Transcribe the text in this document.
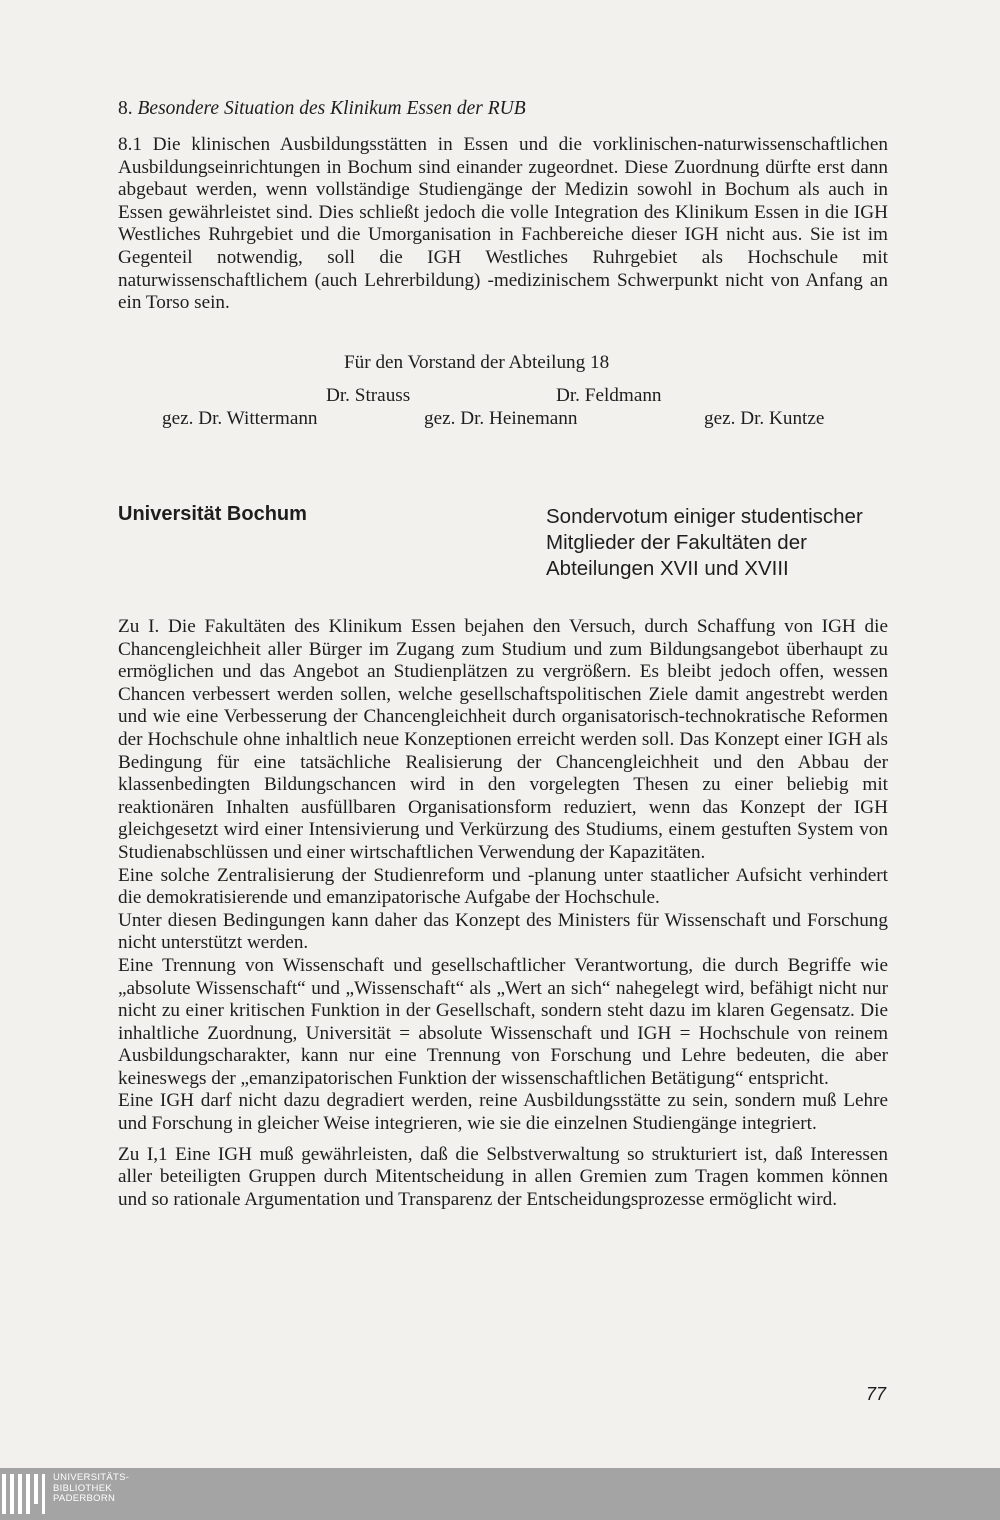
8. Besondere Situation des Klinikum Essen der RUB

8.1 Die klinischen Ausbildungsstätten in Essen und die vorklinischen-naturwissenschaftlichen Ausbildungseinrichtungen in Bochum sind einander zugeordnet. Diese Zuordnung dürfte erst dann abgebaut werden, wenn vollständige Studiengänge der Medizin sowohl in Bochum als auch in Essen gewährleistet sind. Dies schließt jedoch die volle Integration des Klinikum Essen in die IGH Westliches Ruhrgebiet und die Umorganisation in Fachbereiche dieser IGH nicht aus. Sie ist im Gegenteil notwendig, soll die IGH Westliches Ruhrgebiet als Hochschule mit naturwissenschaftlichem (auch Lehrerbildung) -medizinischem Schwerpunkt nicht von Anfang an ein Torso sein.

Für den Vorstand der Abteilung 18

Dr. Strauss	Dr. Feldmann

gez. Dr. Wittermann	gez. Dr. Heinemann	gez. Dr. Kuntze

Universität Bochum	Sondervotum einiger studentischer Mitglieder der Fakultäten der Abteilungen XVII und XVIII

Zu I. Die Fakultäten des Klinikum Essen bejahen den Versuch, durch Schaffung von IGH die Chancengleichheit aller Bürger im Zugang zum Studium und zum Bildungsangebot überhaupt zu ermöglichen und das Angebot an Studienplätzen zu vergrößern. Es bleibt jedoch offen, wessen Chancen verbessert werden sollen, welche gesellschaftspolitischen Ziele damit angestrebt werden und wie eine Verbesserung der Chancengleichheit durch organisatorisch-technokratische Reformen der Hochschule ohne inhaltlich neue Konzeptionen erreicht werden soll. Das Konzept einer IGH als Bedingung für eine tatsächliche Realisierung der Chancengleichheit und den Abbau der klassenbedingten Bildungschancen wird in den vorgelegten Thesen zu einer beliebig mit reaktionären Inhalten ausfüllbaren Organisationsform reduziert, wenn das Konzept der IGH gleichgesetzt wird einer Intensivierung und Verkürzung des Studiums, einem gestuften System von Studienabschlüssen und einer wirtschaftlichen Verwendung der Kapazitäten.

Eine solche Zentralisierung der Studienreform und -planung unter staatlicher Aufsicht verhindert die demokratisierende und emanzipatorische Aufgabe der Hochschule.

Unter diesen Bedingungen kann daher das Konzept des Ministers für Wissenschaft und Forschung nicht unterstützt werden.

Eine Trennung von Wissenschaft und gesellschaftlicher Verantwortung, die durch Begriffe wie „absolute Wissenschaft“ und „Wissenschaft“ als „Wert an sich“ nahegelegt wird, befähigt nicht nur nicht zu einer kritischen Funktion in der Gesellschaft, sondern steht dazu im klaren Gegensatz. Die inhaltliche Zuordnung, Universität = absolute Wissenschaft und IGH = Hochschule von reinem Ausbildungscharakter, kann nur eine Trennung von Forschung und Lehre bedeuten, die aber keineswegs der „emanzipatorischen Funktion der wissenschaftlichen Betätigung“ entspricht.

Eine IGH darf nicht dazu degradiert werden, reine Ausbildungsstätte zu sein, sondern muß Lehre und Forschung in gleicher Weise integrieren, wie sie die einzelnen Studiengänge integriert.

Zu I,1 Eine IGH muß gewährleisten, daß die Selbstverwaltung so strukturiert ist, daß Interessen aller beteiligten Gruppen durch Mitentscheidung in allen Gremien zum Tragen kommen können und so rationale Argumentation und Transparenz der Entscheidungsprozesse ermöglicht wird.

77

UNIVERSITÄTS-
BIBLIOTHEK
PADERBORN
